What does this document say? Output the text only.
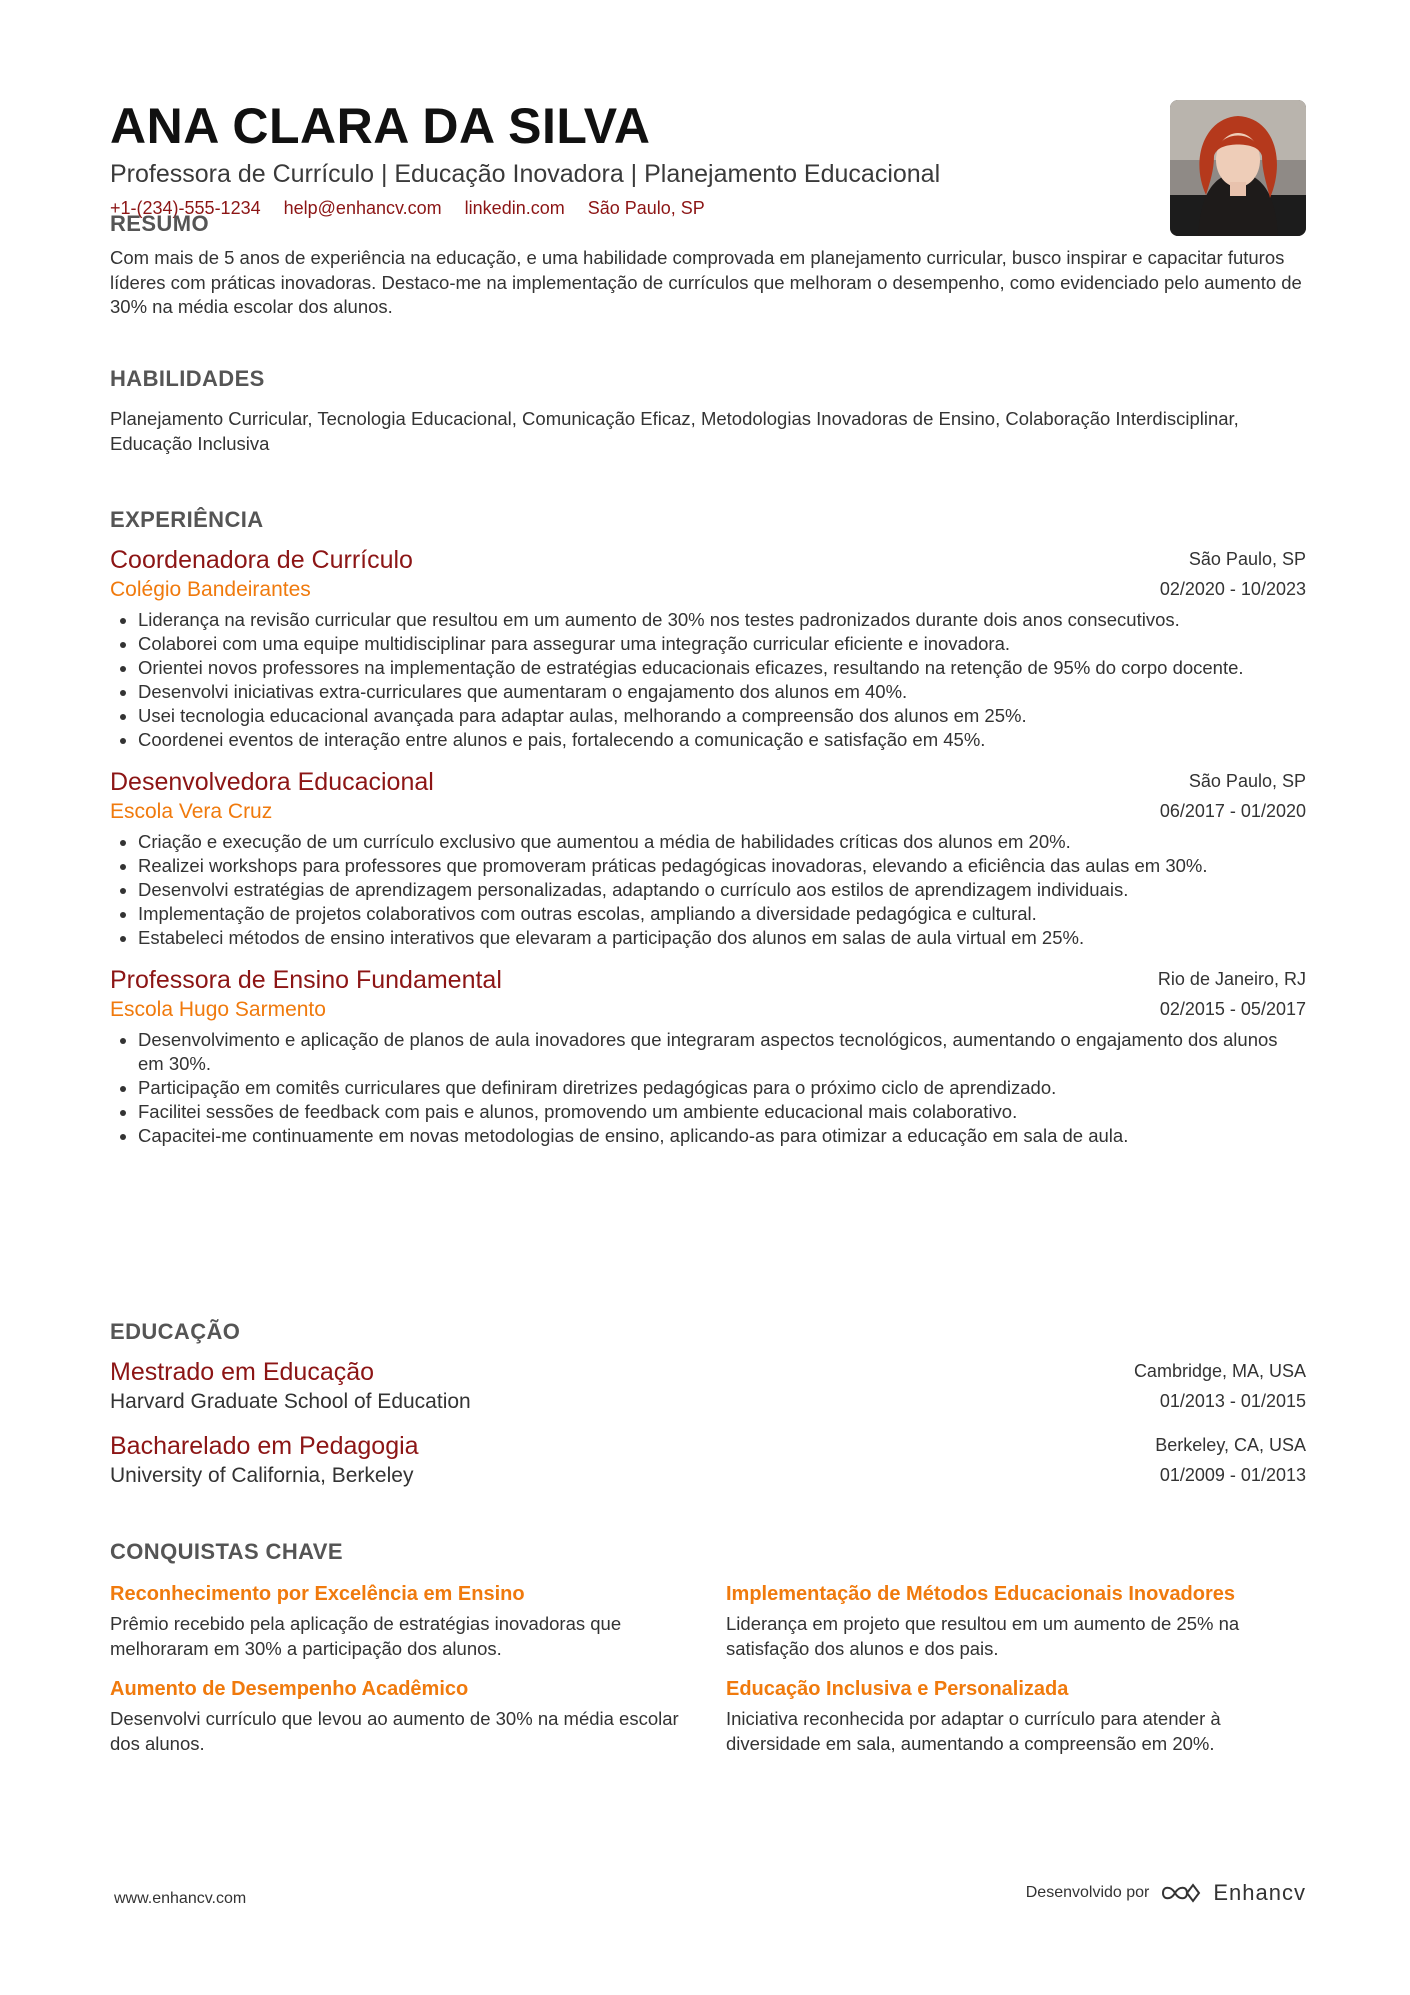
ANA CLARA DA SILVA
Professora de Currículo | Educação Inovadora | Planejamento Educacional
+1-(234)-555-1234 help@enhancv.com linkedin.com São Paulo, SP
RESUMO

Com mais de 5 anos de experiência na educação, e uma habilidade comprovada em planejamento curricular, busco inspirar e capacitar futuros líderes com práticas inovadoras. Destaco-me na implementação de currículos que melhoram o desempenho, como evidenciado pelo aumento de 30% na média escolar dos alunos.

HABILIDADES

Planejamento Curricular, Tecnologia Educacional, Comunicação Eficaz, Metodologias Inovadoras de Ensino, Colaboração Interdisciplinar, Educação Inclusiva

EXPERIÊNCIA
Coordenadora de Currículo
Colégio Bandeirantes
São Paulo, SP
02/2020 - 10/2023
• Liderança na revisão curricular que resultou em um aumento de 30% nos testes padronizados durante dois anos consecutivos.
• Colaborei com uma equipe multidisciplinar para assegurar uma integração curricular eficiente e inovadora.
• Orientei novos professores na implementação de estratégias educacionais eficazes, resultando na retenção de 95% do corpo docente.
• Desenvolvi iniciativas extra-curriculares que aumentaram o engajamento dos alunos em 40%.
• Usei tecnologia educacional avançada para adaptar aulas, melhorando a compreensão dos alunos em 25%.
• Coordenei eventos de interação entre alunos e pais, fortalecendo a comunicação e satisfação em 45%.
Desenvolvedora Educacional
Escola Vera Cruz
São Paulo, SP
06/2017 - 01/2020
• Criação e execução de um currículo exclusivo que aumentou a média de habilidades críticas dos alunos em 20%.
• Realizei workshops para professores que promoveram práticas pedagógicas inovadoras, elevando a eficiência das aulas em 30%.
• Desenvolvi estratégias de aprendizagem personalizadas, adaptando o currículo aos estilos de aprendizagem individuais.
• Implementação de projetos colaborativos com outras escolas, ampliando a diversidade pedagógica e cultural.
• Estabeleci métodos de ensino interativos que elevaram a participação dos alunos em salas de aula virtual em 25%.
Professora de Ensino Fundamental
Escola Hugo Sarmento
Rio de Janeiro, RJ
02/2015 - 05/2017
• Desenvolvimento e aplicação de planos de aula inovadores que integraram aspectos tecnológicos, aumentando o engajamento dos alunos em 30%.
• Participação em comitês curriculares que definiram diretrizes pedagógicas para o próximo ciclo de aprendizado.
• Facilitei sessões de feedback com pais e alunos, promovendo um ambiente educacional mais colaborativo.
• Capacitei-me continuamente em novas metodologias de ensino, aplicando-as para otimizar a educação em sala de aula.
EDUCAÇÃO
Mestrado em Educação
Harvard Graduate School of Education
Cambridge, MA, USA
01/2013 - 01/2015
Bacharelado em Pedagogia
University of California, Berkeley
Berkeley, CA, USA
01/2009 - 01/2013
CONQUISTAS CHAVE
Reconhecimento por Excelência em Ensino
Prêmio recebido pela aplicação de estratégias inovadoras que melhoraram em 30% a participação dos alunos.
Implementação de Métodos Educacionais Inovadores
Liderança em projeto que resultou em um aumento de 25% na satisfação dos alunos e dos pais.
Aumento de Desempenho Acadêmico
Desenvolvi currículo que levou ao aumento de 30% na média escolar dos alunos.
Educação Inclusiva e Personalizada
Iniciativa reconhecida por adaptar o currículo para atender à diversidade em sala, aumentando a compreensão em 20%.
www.enhancv.com	Desenvolvido por	Enhancv
